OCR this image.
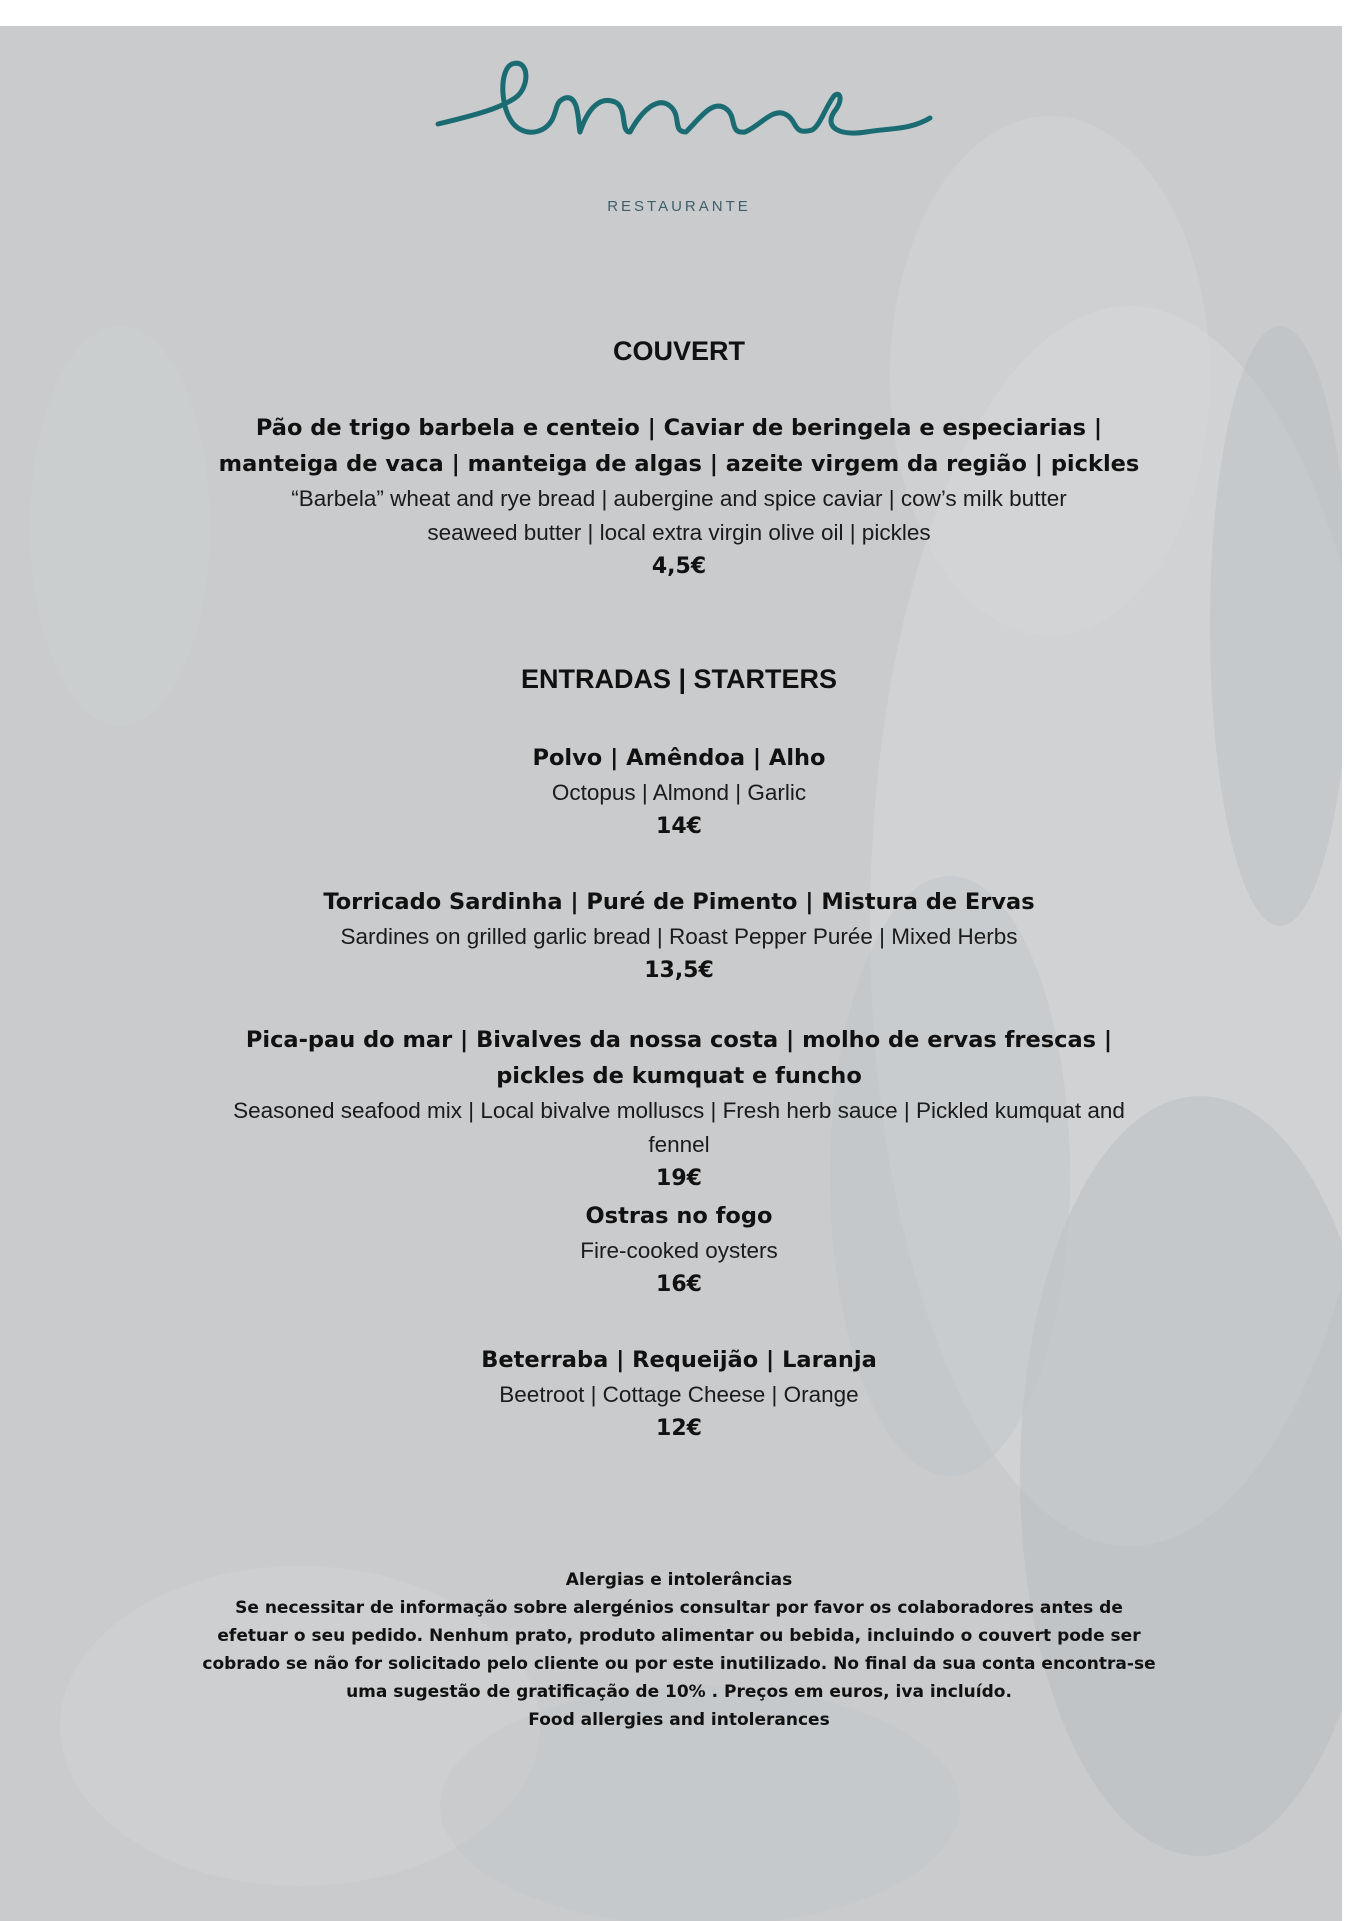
RESTAURANTE
COUVERT
Pão de trigo barbela e centeio | Caviar de beringela e especiarias | manteiga de vaca | manteiga de algas | azeite virgem da região | pickles
“Barbela” wheat and rye bread | aubergine and spice caviar | cow’s milk butter
seaweed butter | local extra virgin olive oil | pickles
4,5€
ENTRADAS | STARTERS
Polvo | Amêndoa | Alho
Octopus | Almond | Garlic
14€
Torricado Sardinha | Puré de Pimento | Mistura de Ervas
Sardines on grilled garlic bread | Roast Pepper Purée | Mixed Herbs
13,5€
Pica-pau do mar | Bivalves da nossa costa | molho de ervas frescas | pickles de kumquat e funcho
Seasoned seafood mix | Local bivalve molluscs | Fresh herb sauce | Pickled kumquat and fennel
19€
Ostras no fogo
Fire-cooked oysters
16€
Beterraba | Requeijão | Laranja
Beetroot | Cottage Cheese | Orange
12€
Alergias e intolerâncias
Se necessitar de informação sobre alergénios consultar por favor os colaboradores antes de efetuar o seu pedido. Nenhum prato, produto alimentar ou bebida, incluindo o couvert pode ser cobrado se não for solicitado pelo cliente ou por este inutilizado. No final da sua conta encontra-se uma sugestão de gratificação de 10% . Preços em euros, iva incluído.
Food allergies and intolerances
